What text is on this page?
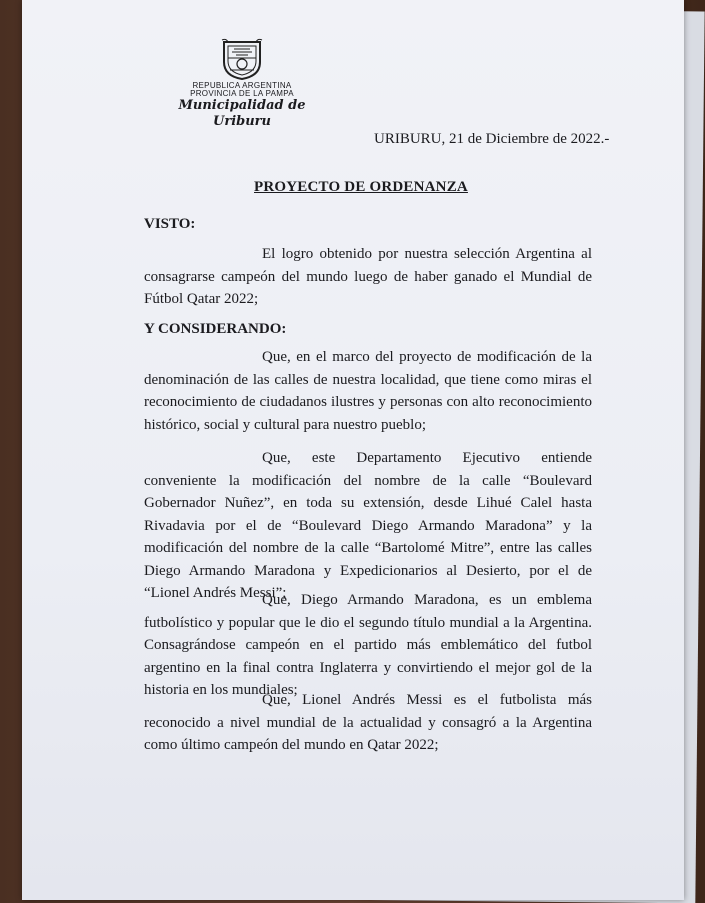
REPUBLICA ARGENTINA
PROVINCIA DE LA PAMPA
Municipalidad de Uriburu
URIBURU, 21 de Diciembre de 2022.-
PROYECTO DE ORDENANZA
VISTO:

El logro obtenido por nuestra selección Argentina al consagrarse campeón del mundo luego de haber ganado el Mundial de Fútbol Qatar 2022;

Y CONSIDERANDO:

Que, en el marco del proyecto de modificación de la denominación de las calles de nuestra localidad, que tiene como miras el reconocimiento de ciudadanos ilustres y personas con alto reconocimiento histórico, social y cultural para nuestro pueblo;

Que, este Departamento Ejecutivo entiende conveniente la modificación del nombre de la calle “Boulevard Gobernador Nuñez”, en toda su extensión, desde Lihué Calel hasta Rivadavia por el de “Boulevard Diego Armando Maradona” y la modificación del nombre de la calle “Bartolomé Mitre”, entre las calles Diego Armando Maradona y Expedicionarios al Desierto, por el de “Lionel Andrés Messi”;

Que, Diego Armando Maradona, es un emblema futbolístico y popular que le dio el segundo título mundial a la Argentina. Consagrándose campeón en el partido más emblemático del futbol argentino en la final contra Inglaterra y convirtiendo el mejor gol de la historia en los mundiales;

Que, Lionel Andrés Messi es el futbolista más reconocido a nivel mundial de la actualidad y consagró a la Argentina como último campeón del mundo en Qatar 2022;
